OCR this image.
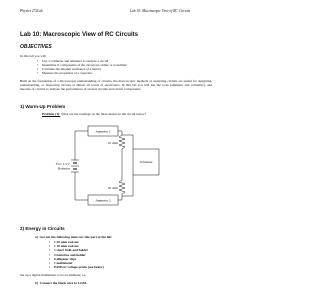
Physics 272Lab	Lab 10: Macroscopic View of RC Circuits
Lab 10: Macroscopic View of RC Circuits
OBJECTIVES
In this lab you will
• Use a voltmeter and ammeter to analyze a circuit
• Determine if components of the circuit are ohmic or nonohmic
• Calculate the internal resistance of a battery
• Measure the properties of a capacitor
Built on the foundation of a microscopic understanding of circuits, the macroscopic methods of analyzing circuits are useful for designing, understanding, or inspecting circuits at almost all levels of electronics. In this lab you will use the tools (ammeter and voltmeter), and theories of circuits to analyze the performance of several circuits and circuit components.
1) Warm-Up Problem
Problem (1): What are the readings on the three meters in the circuit below?
Ammeter 1
Ammeter 2
Voltmeter
10 ohm
20 ohm
Two 1.5 V
Batteries
2) Energy in Circuits
a) Get out the following items for this part of the lab:
• 1 20 ohm resistor
• 1 10 ohm resistor
• 1 short bulb and holder
• 2 batteries and holder
• 6 alligator clips
• 1 multimeter
• PASPort voltage probe (see below)
Set up a digital multimeter to be an ammeter, i.e.
b) Connect the black wire to COM.
